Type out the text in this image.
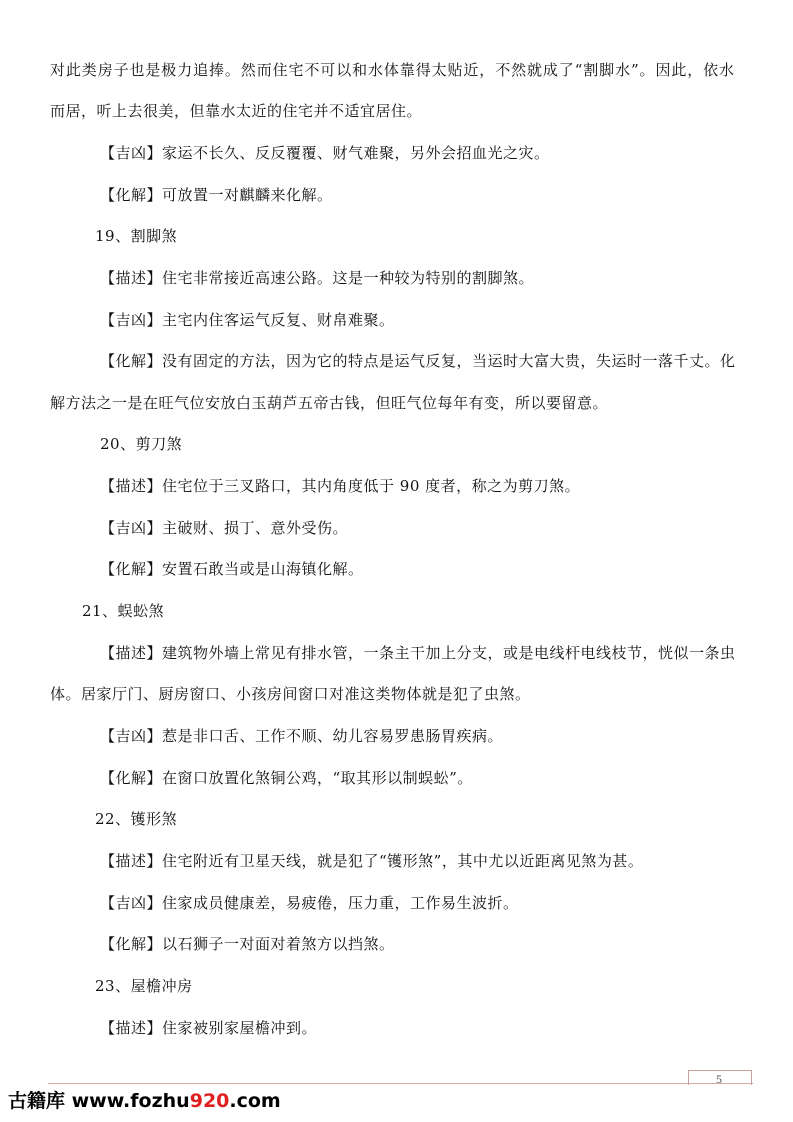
对此类房子也是极力追捧。然而住宅不可以和水体靠得太贴近，不然就成了“割脚水”。因此，依水
而居，听上去很美，但靠水太近的住宅并不适宜居住。
【吉凶】家运不长久、反反覆覆、财气难聚，另外会招血光之灾。
【化解】可放置一对麒麟来化解。
19、割脚煞
【描述】住宅非常接近高速公路。这是一种较为特别的割脚煞。
【吉凶】主宅内住客运气反复、财帛难聚。
【化解】没有固定的方法，因为它的特点是运气反复，当运时大富大贵，失运时一落千丈。化
解方法之一是在旺气位安放白玉葫芦五帝古钱，但旺气位每年有变，所以要留意。
20、剪刀煞
【描述】住宅位于三叉路口，其内角度低于 90 度者，称之为剪刀煞。
【吉凶】主破财、损丁、意外受伤。
【化解】安置石敢当或是山海镇化解。
21、蜈蚣煞
【描述】建筑物外墙上常见有排水管，一条主干加上分支，或是电线杆电线枝节，恍似一条虫
体。居家厅门、厨房窗口、小孩房间窗口对准这类物体就是犯了虫煞。
【吉凶】惹是非口舌、工作不顺、幼儿容易罗患肠胃疾病。
【化解】在窗口放置化煞铜公鸡，“取其形以制蜈蚣”。
22、镬形煞
【描述】住宅附近有卫星天线，就是犯了“镬形煞”，其中尤以近距离见煞为甚。
【吉凶】住家成员健康差，易疲倦，压力重，工作易生波折。
【化解】以石狮子一对面对着煞方以挡煞。
23、屋檐冲房
【描述】住家被别家屋檐冲到。
5
古籍库 www.fozhu920.com
